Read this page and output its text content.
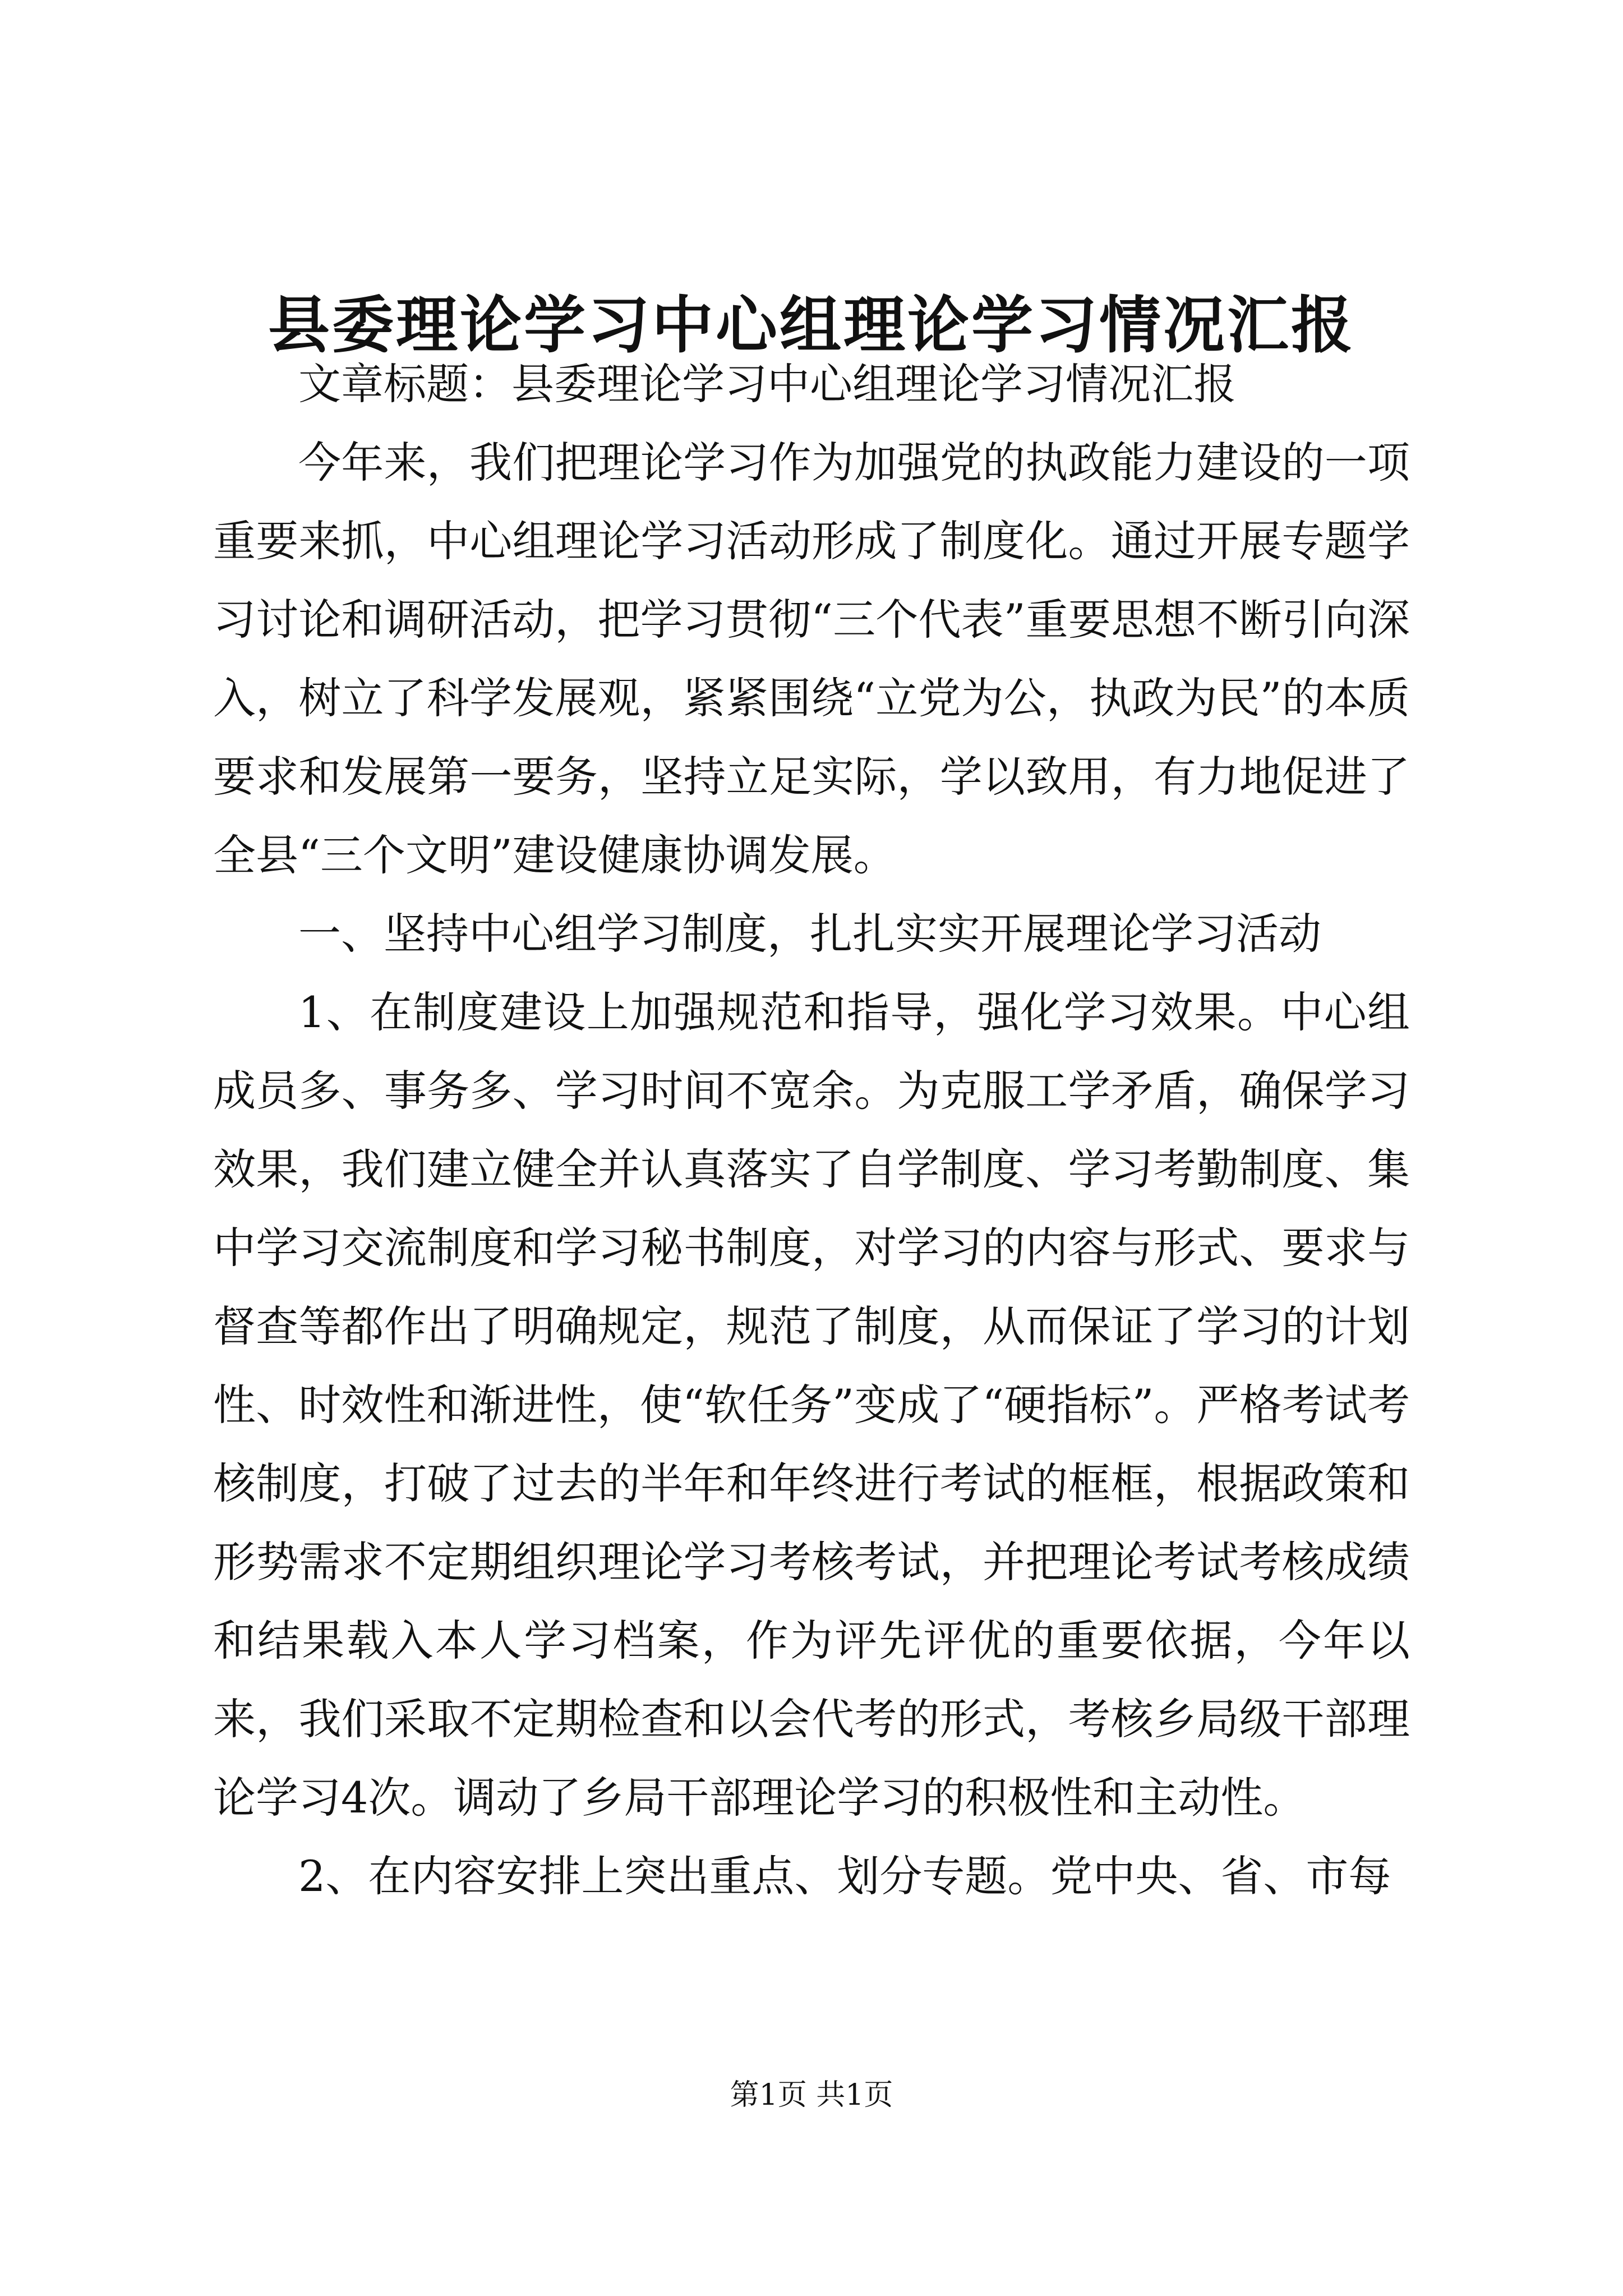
县委理论学习中心组理论学习情况汇报

文章标题：县委理论学习中心组理论学习情况汇报

今年来，我们把理论学习作为加强党的执政能力建设的一项重要来抓，中心组理论学习活动形成了制度化。通过开展专题学习讨论和调研活动，把学习贯彻“三个代表”重要思想不断引向深入，树立了科学发展观，紧紧围绕“立党为公，执政为民”的本质要求和发展第一要务，坚持立足实际，学以致用，有力地促进了全县“三个文明”建设健康协调发展。

一、坚持中心组学习制度，扎扎实实开展理论学习活动

1、在制度建设上加强规范和指导，强化学习效果。中心组成员多、事务多、学习时间不宽余。为克服工学矛盾，确保学习效果，我们建立健全并认真落实了自学制度、学习考勤制度、集中学习交流制度和学习秘书制度，对学习的内容与形式、要求与督查等都作出了明确规定，规范了制度，从而保证了学习的计划性、时效性和渐进性，使“软任务”变成了“硬指标”。严格考试考核制度，打破了过去的半年和年终进行考试的框框，根据政策和形势需求不定期组织理论学习考核考试，并把理论考试考核成绩和结果载入本人学习档案，作为评先评优的重要依据，今年以来，我们采取不定期检查和以会代考的形式，考核乡局级干部理论学习4次。调动了乡局干部理论学习的积极性和主动性。

2、在内容安排上突出重点、划分专题。党中央、省、市每

第1页 共1页
